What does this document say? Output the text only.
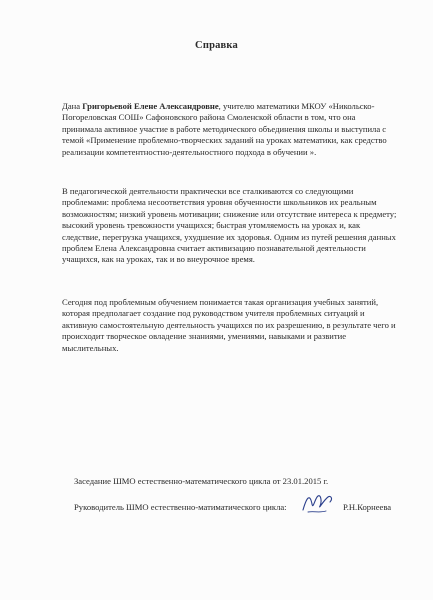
Справка
Дана Григорьевой Елене Александровне, учителю математики МКОУ «Никольско-Погореловская СОШ» Сафоновского района Смоленской области в том, что она принимала активное участие в работе методического объединения школы и выступила с темой «Применение проблемно-творческих заданий на уроках математики, как средство реализации компетентностно-деятельностного подхода в обучении ».
В педагогической деятельности практически все сталкиваются со следующими проблемами: проблема несоответствия уровня обученности школьников их реальным возможностям; низкий уровень мотивации; снижение или отсутствие интереса к предмету; высокий уровень тревожности учащихся; быстрая утомляемость на уроках и, как следствие, перегрузка учащихся, ухудшение их здоровья. Одним из путей решения данных проблем Елена Александровна считает активизацию познавательной деятельности учащихся, как на уроках, так и во внеурочное время.
Сегодня под проблемным обучением понимается такая организация учебных занятий, которая предполагает создание под руководством учителя проблемных ситуаций и активную самостоятельную деятельность учащихся по их разрешению, в результате чего и происходит творческое овладение знаниями, умениями, навыками и развитие мыслительных.
Заседание ШМО естественно-математического цикла от 23.01.2015 г.
Руководитель ШМО естественно-матиматического цикла:	Р.Н.Корнеева
